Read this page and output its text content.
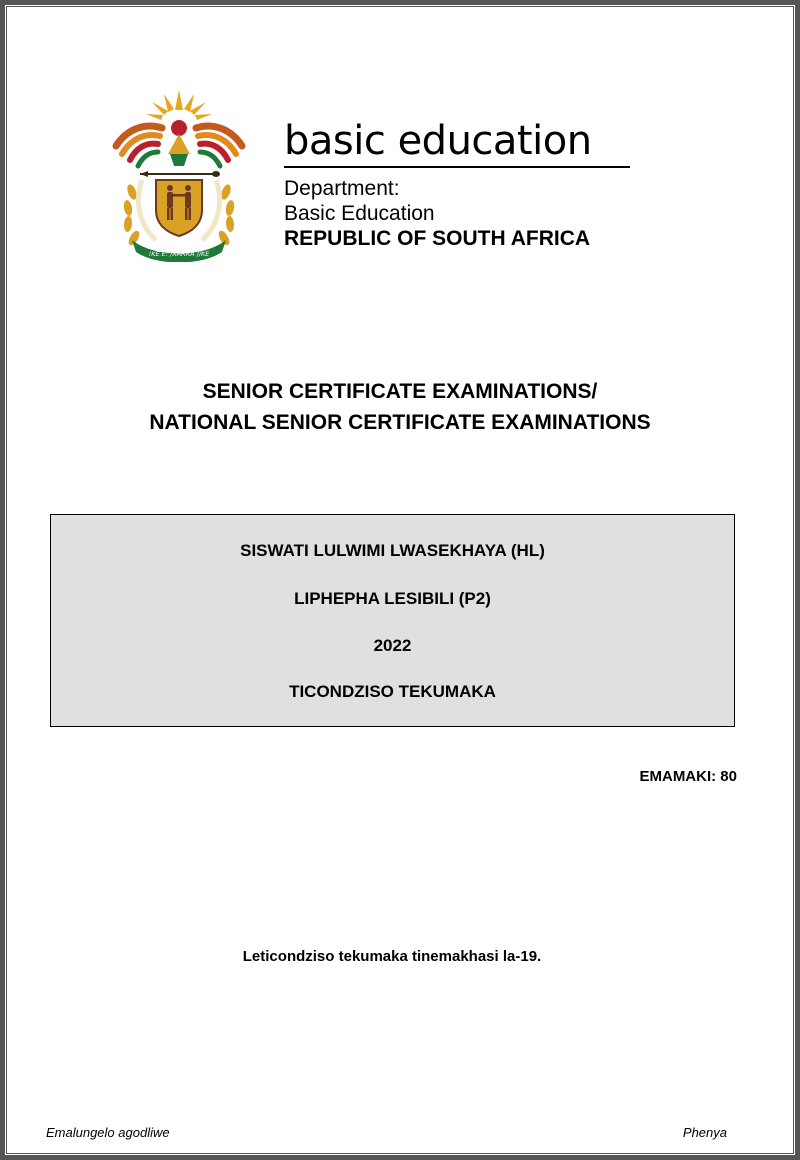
!KE E: /XARRA //KE
basic education
Department:
Basic Education
REPUBLIC OF SOUTH AFRICA
SENIOR CERTIFICATE EXAMINATIONS/
NATIONAL SENIOR CERTIFICATE EXAMINATIONS
SISWATI LULWIMI LWASEKHAYA (HL)
LIPHEPHA LESIBILI (P2)
2022
TICONDZISO TEKUMAKA
EMAMAKI: 80
Leticondziso tekumaka tinemakhasi la-19.
Emalungelo agodliwe	Phenya
